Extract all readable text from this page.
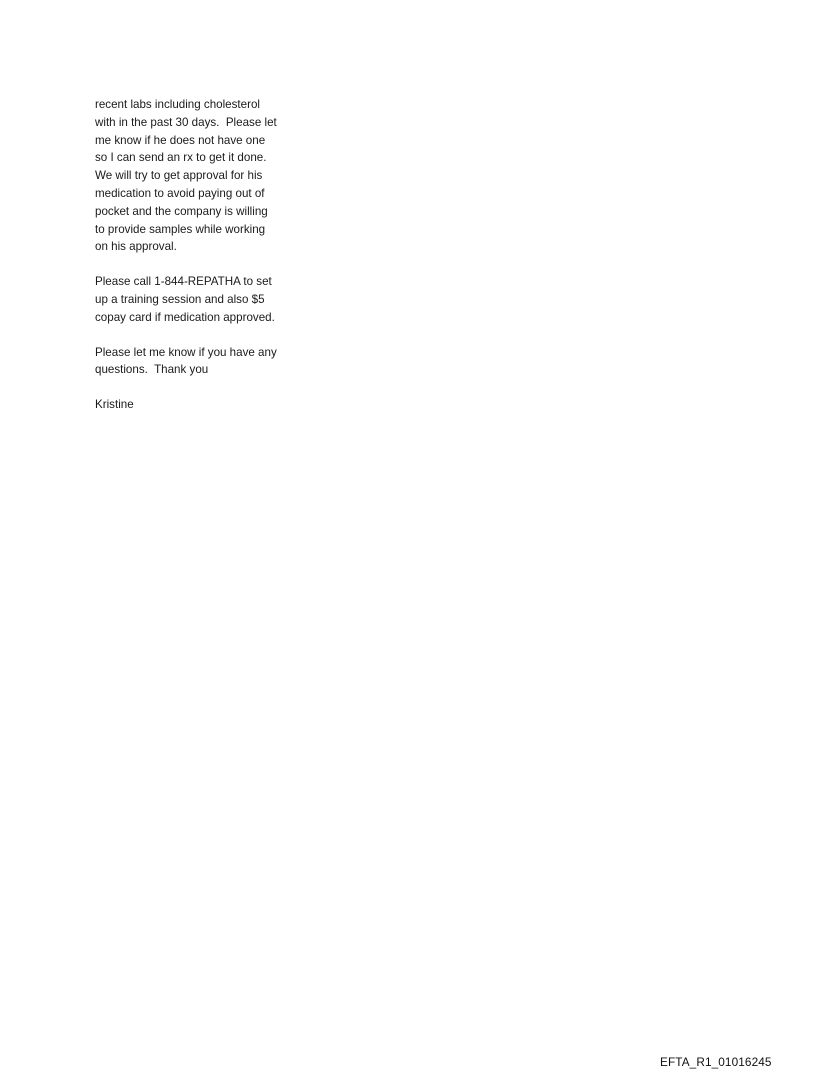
recent labs including cholesterol with in the past 30 days.  Please let me know if he does not have one so I can send an rx to get it done.  We will try to get approval for his medication to avoid paying out of pocket and the company is willing to provide samples while working on his approval.

Please call 1-844-REPATHA to set up a training session and also $5 copay card if medication approved.

Please let me know if you have any questions.  Thank you

Kristine

EFTA_R1_01016245
